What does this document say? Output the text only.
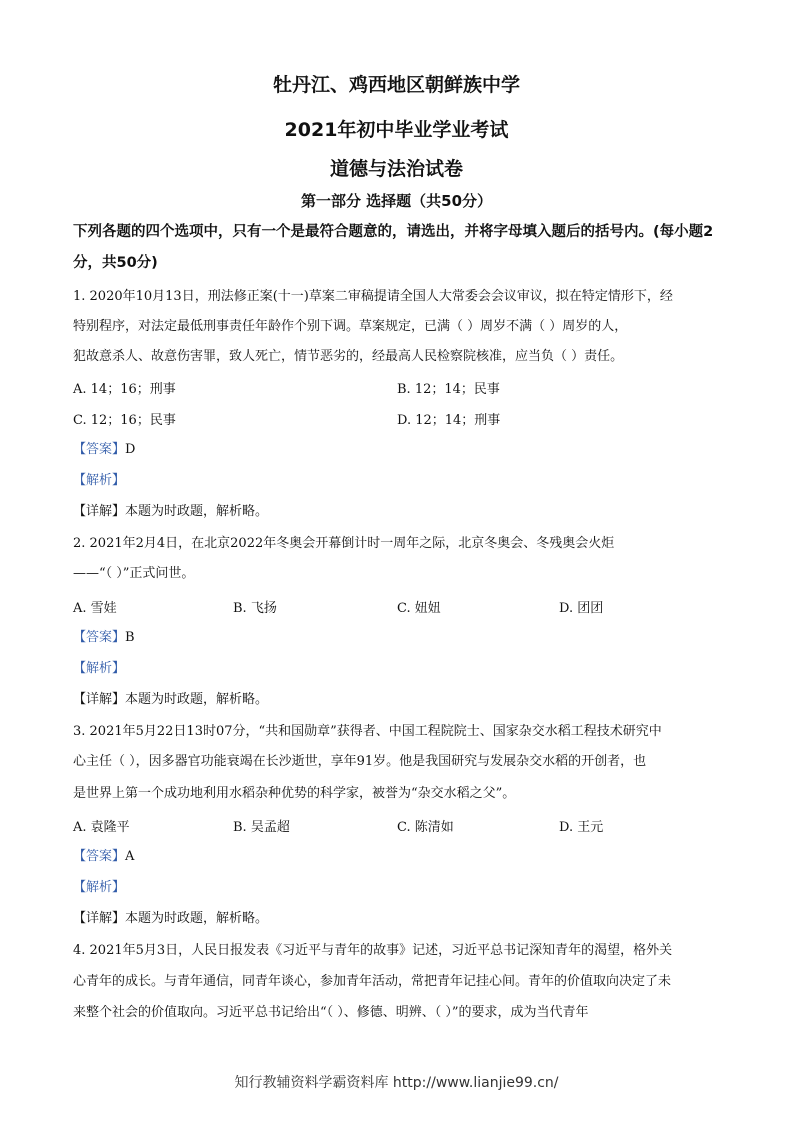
牡丹江、鸡西地区朝鲜族中学
2021年初中毕业学业考试
道德与法治试卷
第一部分 选择题（共50分）
下列各题的四个选项中，只有一个是最符合题意的，请选出，并将字母填入题后的括号内。(每小题2分，共50分)
1. 2020年10月13日，刑法修正案(十一)草案二审稿提请全国人大常委会会议审议，拟在特定情形下，经
特别程序，对法定最低刑事责任年龄作个别下调。草案规定，已满（ ）周岁不满（ ）周岁的人，
犯故意杀人、故意伤害罪，致人死亡，情节恶劣的，经最高人民检察院核准，应当负（ ）责任。
A. 14；16；刑事	B. 12；14；民事
C. 12；16；民事	D. 12；14；刑事
【答案】D
【解析】
【详解】本题为时政题，解析略。
2. 2021年2月4日，在北京2022年冬奥会开幕倒计时一周年之际，北京冬奥会、冬残奥会火炬
——“（ ）”正式问世。
A. 雪娃	B. 飞扬	C. 妞妞	D. 团团
【答案】B
【解析】
【详解】本题为时政题，解析略。
3. 2021年5月22日13时07分，“共和国勋章”获得者、中国工程院院士、国家杂交水稻工程技术研究中
心主任（ ），因多器官功能衰竭在长沙逝世，享年91岁。他是我国研究与发展杂交水稻的开创者，也
是世界上第一个成功地利用水稻杂种优势的科学家，被誉为“杂交水稻之父”。
A. 袁隆平	B. 吴孟超	C. 陈清如	D. 王元
【答案】A
【解析】
【详解】本题为时政题，解析略。
4. 2021年5月3日，人民日报发表《习近平与青年的故事》记述，习近平总书记深知青年的渴望，格外关
心青年的成长。与青年通信，同青年谈心，参加青年活动，常把青年记挂心间。青年的价值取向决定了未
来整个社会的价值取向。习近平总书记给出“（ ）、修德、明辨、（ ）”的要求，成为当代青年
知行教辅资料学霸资料库 http://www.lianjie99.cn/
